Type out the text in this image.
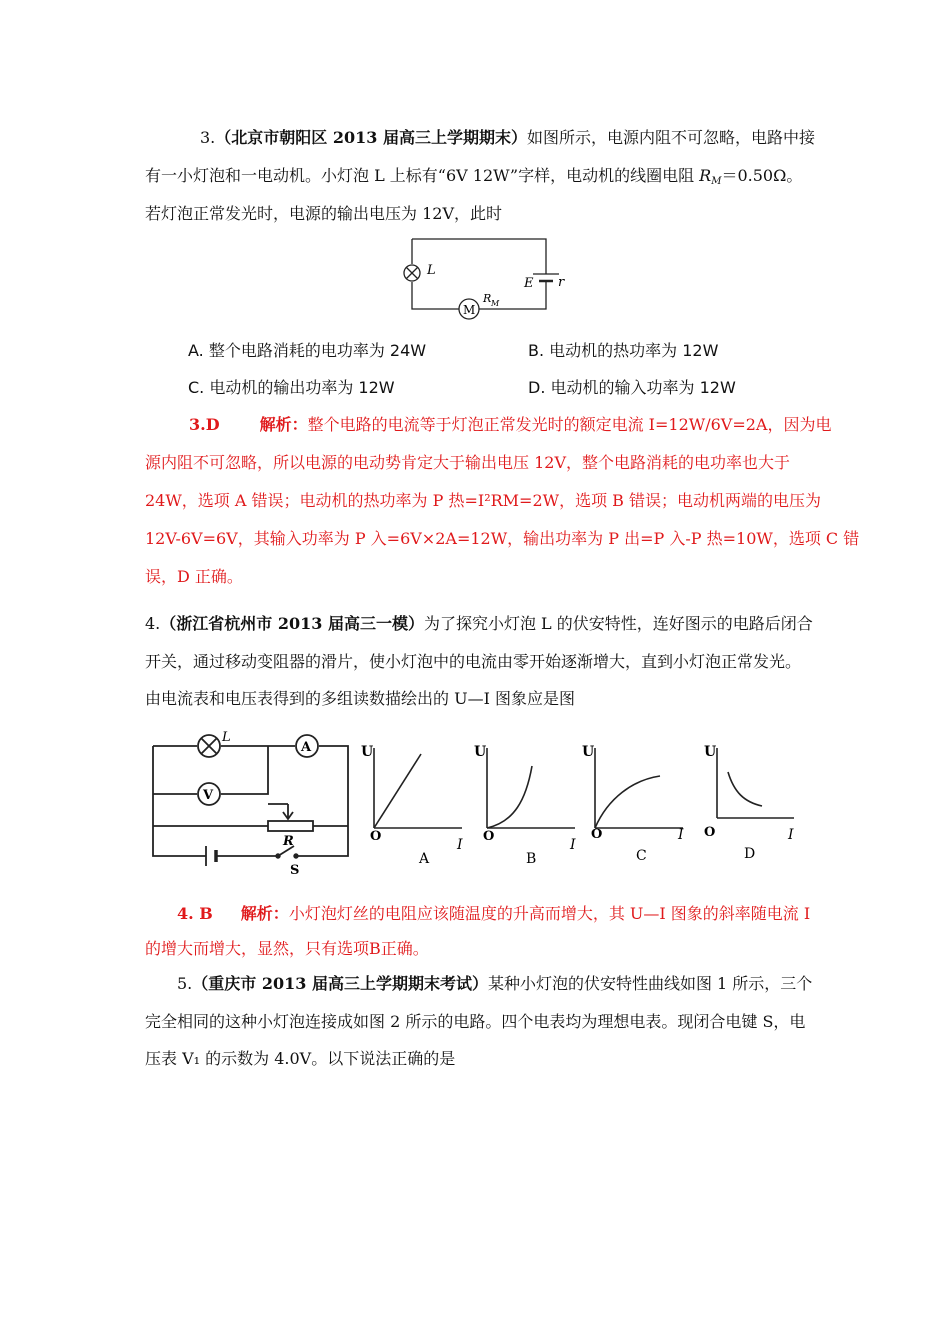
3.（北京市朝阳区 2013 届高三上学期期末）如图所示，电源内阻不可忽略，电路中接
有一小灯泡和一电动机。小灯泡 L 上标有“6V 12W”字样，电动机的线圈电阻 $R_M=0.50\Omega$。
若灯泡正常发光时，电源的输出电压为 12V，此时
L
E r
M
R M
A. 整个电路消耗的电功率为 24W	B. 电动机的热功率为 12W
C. 电动机的输出功率为 12W	D. 电动机的输入功率为 12W
3.D	解析：整个电路的电流等于灯泡正常发光时的额定电流 I=12W/6V=2A，因为电
源内阻不可忽略，所以电源的电动势肯定大于输出电压 12V，整个电路消耗的电功率也大于
24W，选项 A 错误；电动机的热功率为 P 热=I²RM=2W，选项 B 错误；电动机两端的电压为
12V-6V=6V，其输入功率为 P 入=6V×2A=12W，输出功率为 P 出=P 入-P 热=10W，选项 C 错
误，D 正确。
4.（浙江省杭州市 2013 届高三一模）为了探究小灯泡 L 的伏安特性，连好图示的电路后闭合
开关，通过移动变阻器的滑片，使小灯泡中的电流由零开始逐渐增大，直到小灯泡正常发光。
由电流表和电压表得到的多组读数描绘出的 U—I 图象应是图
L
A
V
R
S
U
I
O
A
U
I
O
B
U
I
O
C
U
I
O
D
4. B 解析：小灯泡灯丝的电阻应该随温度的升高而增大，其 U—I 图象的斜率随电流 I
的增大而增大，显然，只有选项B正确。
5.（重庆市 2013 届高三上学期期末考试）某种小灯泡的伏安特性曲线如图 1 所示，三个
完全相同的这种小灯泡连接成如图 2 所示的电路。四个电表均为理想电表。现闭合电键 S，电
压表 V₁ 的示数为 4.0V。以下说法正确的是
